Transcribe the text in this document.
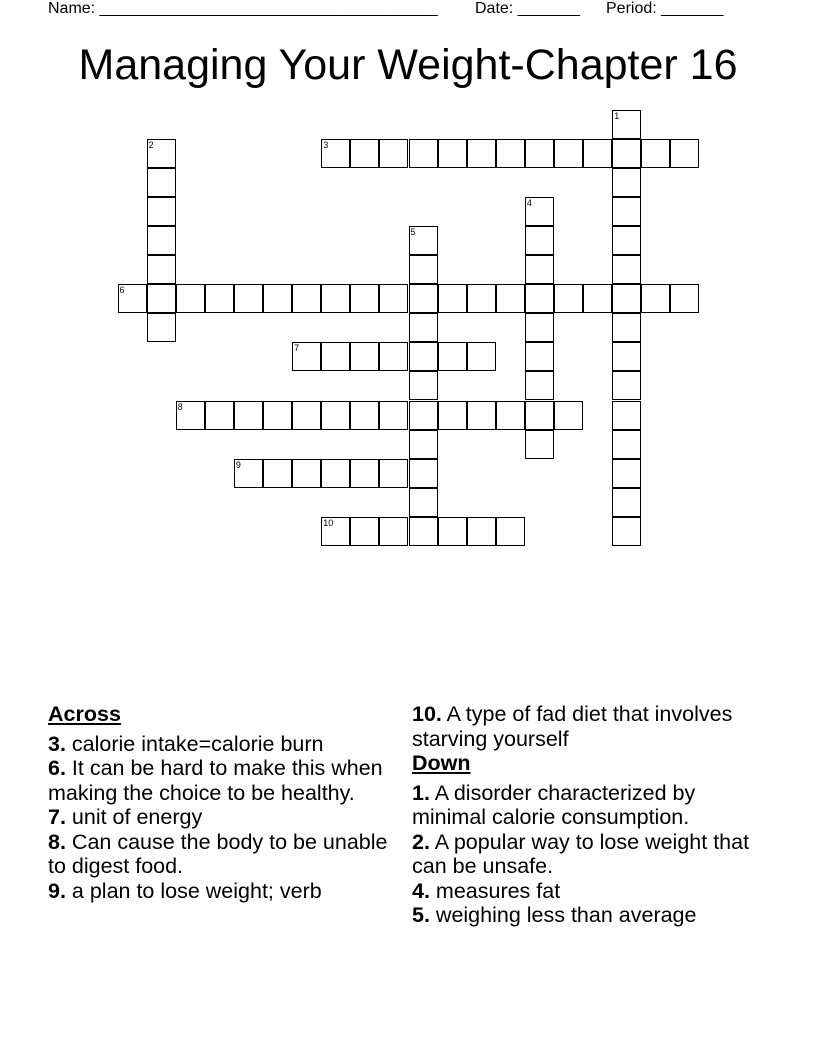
Name: ______________________________________

Date: _______

Period: _______

Managing Your Weight-Chapter 16
1
2	3
4
5
6
7
8
9
10
Across
3. calorie intake=calorie burn
6. It can be hard to make this when making the choice to be healthy.
7. unit of energy
8. Can cause the body to be unable to digest food.
9. a plan to lose weight; verb
10. A type of fad diet that involves starving yourself
Down
1. A disorder characterized by minimal calorie consumption.
2. A popular way to lose weight that can be unsafe.
4. measures fat
5. weighing less than average
